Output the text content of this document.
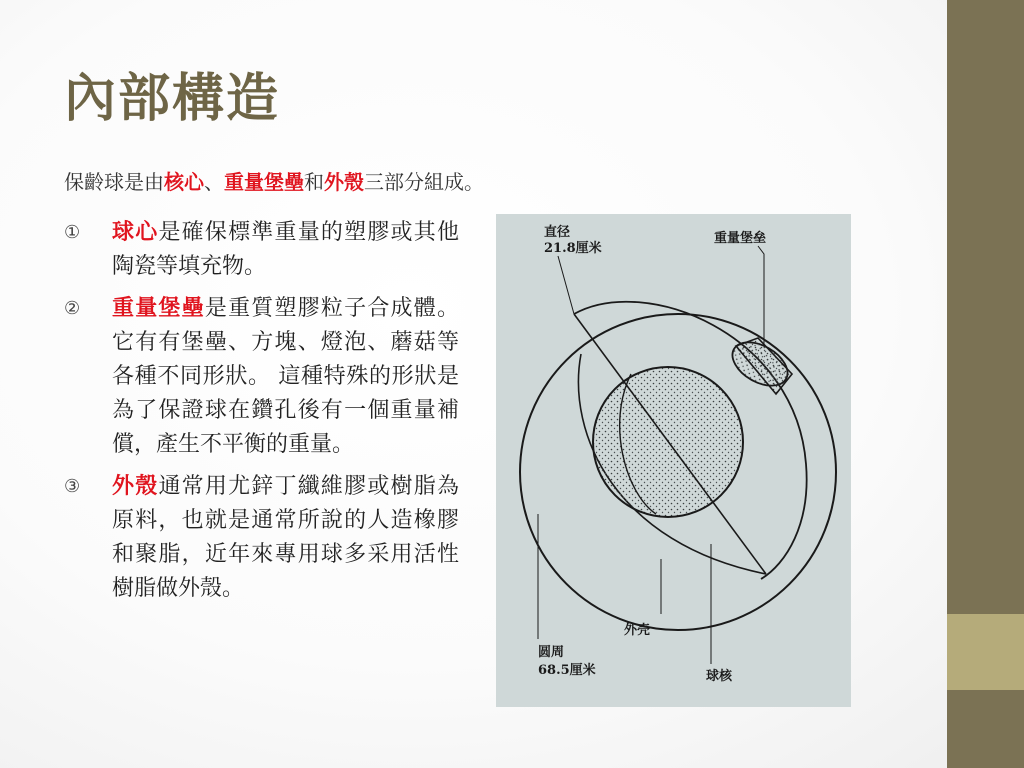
內部構造
保齡球是由核心、重量堡壘和外殼三部分組成。
①	球心是確保標準重量的塑膠或其他陶瓷等填充物。
②	重量堡壘是重質塑膠粒子合成體。它有有堡壘、方塊、燈泡、蘑菇等各種不同形狀。 這種特殊的形狀是為了保證球在鑽孔後有一個重量補償，產生不平衡的重量。
③	外殼通常用尤鋅丁纖維膠或樹脂為原料，也就是通常所說的人造橡膠和聚脂，近年來專用球多采用活性樹脂做外殼。
直径
21.8厘米
重量堡垒
外壳
圆周
68.5厘米	球核
